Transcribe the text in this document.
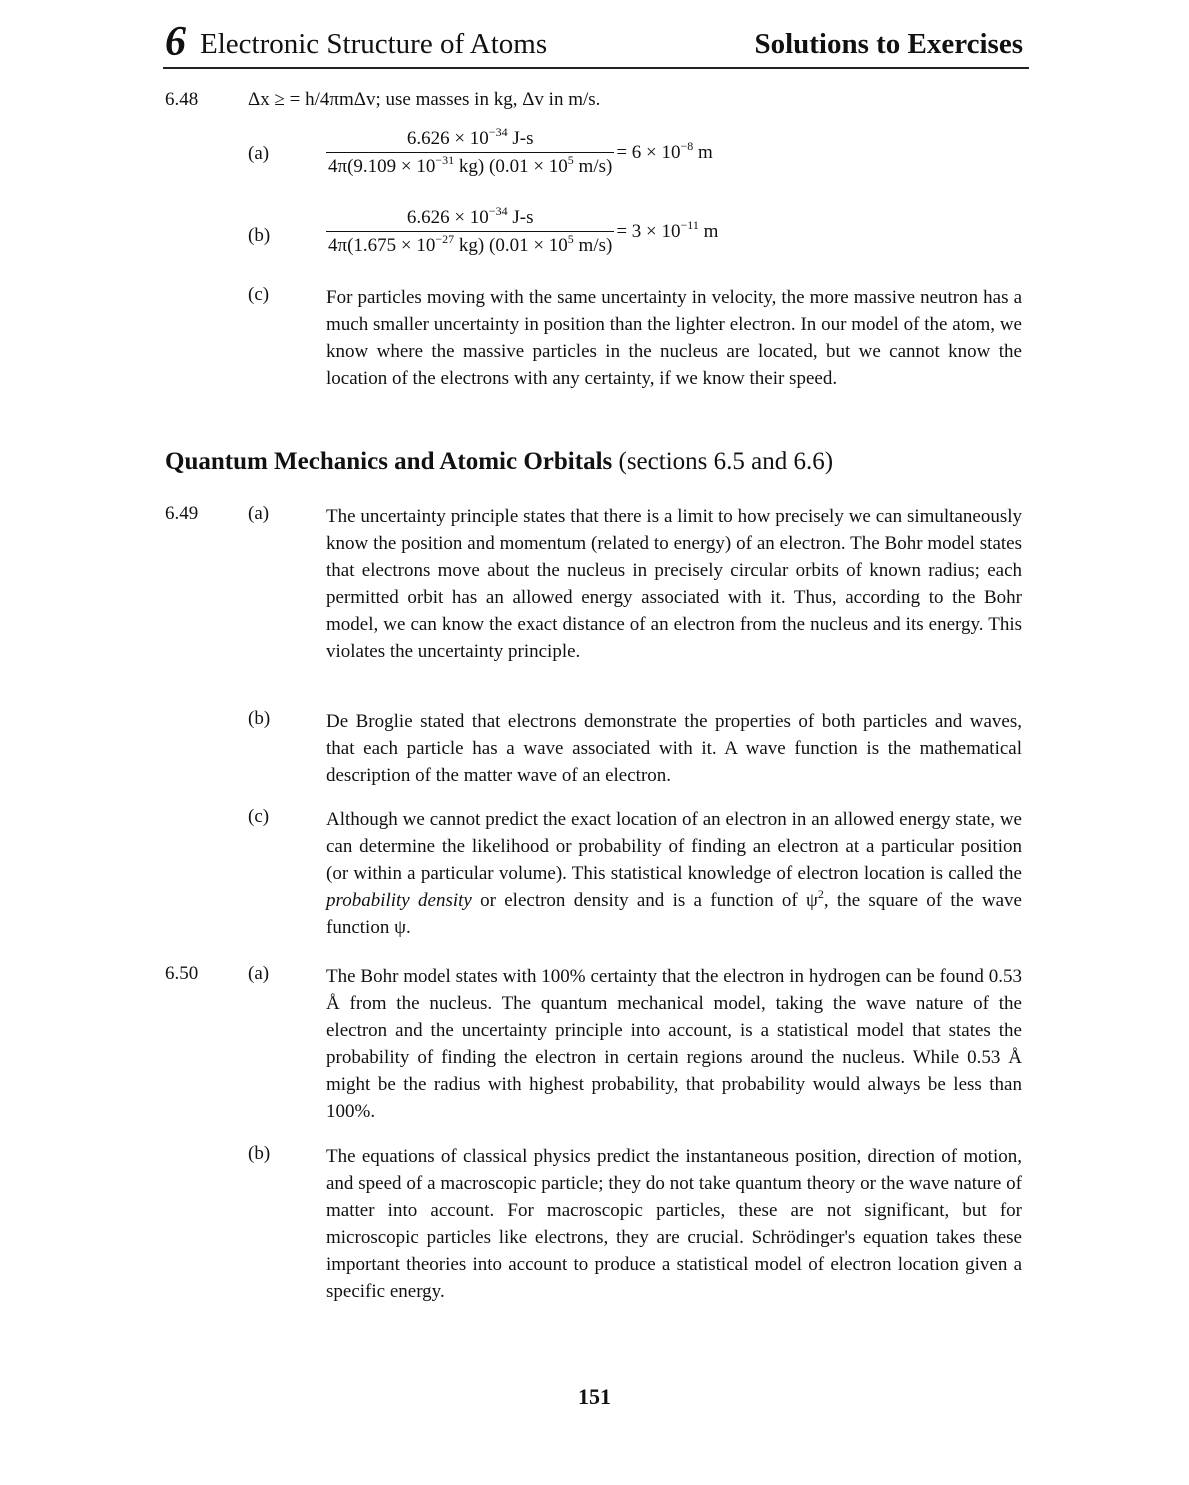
6 Electronic Structure of Atoms	Solutions to Exercises
6.48	Δx ≥ = h/4πmΔv; use masses in kg, Δv in m/s.
(a)	$\frac{6.626 \times 10^{-34} J-s}{4\pi(9.109 \times 10^{-31} kg) (0.01 \times 10^5 m/s)} = 6 \times 10^{-8}$ m
(b)	$\frac{6.626 \times 10^{-34} J-s}{4\pi(1.675 \times 10^{-27} kg) (0.01 \times 10^5 m/s)} = 3 \times 10^{-11}$ m
(c)	For particles moving with the same uncertainty in velocity, the more massive neutron has a much smaller uncertainty in position than the lighter electron. In our model of the atom, we know where the massive particles in the nucleus are located, but we cannot know the location of the electrons with any certainty, if we know their speed.

Quantum Mechanics and Atomic Orbitals (sections 6.5 and 6.6)
6.49	(a)	The uncertainty principle states that there is a limit to how precisely we can simultaneously know the position and momentum (related to energy) of an electron. The Bohr model states that electrons move about the nucleus in precisely circular orbits of known radius; each permitted orbit has an allowed energy associated with it. Thus, according to the Bohr model, we can know the exact distance of an electron from the nucleus and its energy. This violates the uncertainty principle.

(b)	De Broglie stated that electrons demonstrate the properties of both particles and waves, that each particle has a wave associated with it. A wave function is the mathematical description of the matter wave of an electron.

(c)	Although we cannot predict the exact location of an electron in an allowed energy state, we can determine the likelihood or probability of finding an electron at a particular position (or within a particular volume). This statistical knowledge of electron location is called the probability density or electron density and is a function of $\psi^2$, the square of the wave function ψ.

6.50	(a)	The Bohr model states with 100% certainty that the electron in hydrogen can be found 0.53 Å from the nucleus. The quantum mechanical model, taking the wave nature of the electron and the uncertainty principle into account, is a statistical model that states the probability of finding the electron in certain regions around the nucleus. While 0.53 Å might be the radius with highest probability, that probability would always be less than 100%.

(b)	The equations of classical physics predict the instantaneous position, direction of motion, and speed of a macroscopic particle; they do not take quantum theory or the wave nature of matter into account. For macroscopic particles, these are not significant, but for microscopic particles like electrons, they are crucial. Schrödinger's equation takes these important theories into account to produce a statistical model of electron location given a specific energy.

151
